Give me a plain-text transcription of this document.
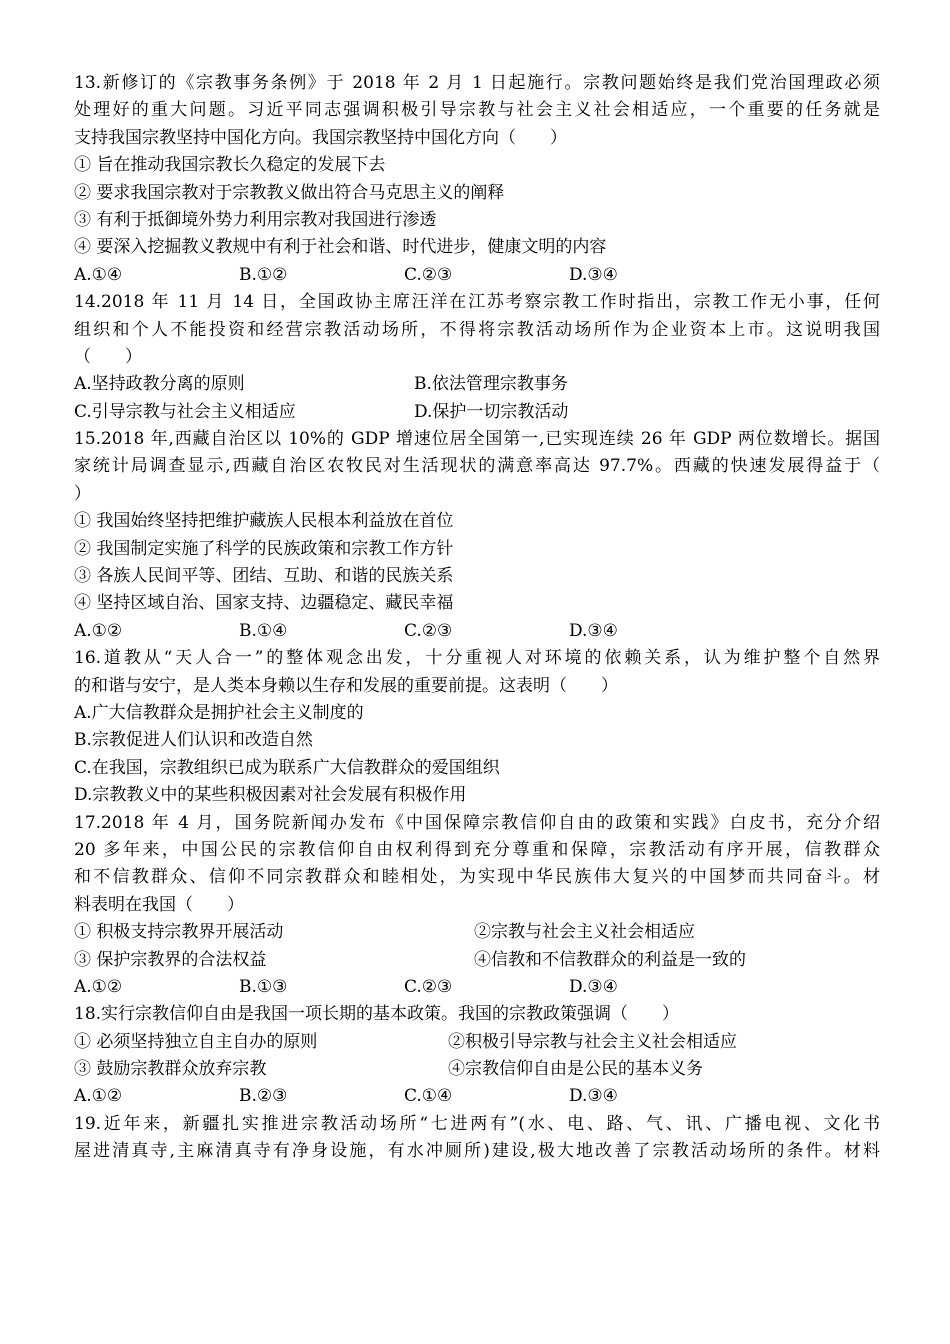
13.新修订的《宗教事务条例》于 2018 年 2 月 1 日起施行。宗教问题始终是我们党治国理政必须
处理好的重大问题。习近平同志强调积极引导宗教与社会主义社会相适应，一个重要的任务就是
支持我国宗教坚持中国化方向。我国宗教坚持中国化方向（　　）
① 旨在推动我国宗教长久稳定的发展下去
② 要求我国宗教对于宗教教义做出符合马克思主义的阐释
③ 有利于抵御境外势力利用宗教对我国进行渗透
④ 要深入挖掘教义教规中有利于社会和谐、时代进步，健康文明的内容
A.①④	B.①②	C.②③	D.③④
14.2018 年 11 月 14 日，全国政协主席汪洋在江苏考察宗教工作时指出，宗教工作无小事，任何
组织和个人不能投资和经营宗教活动场所，不得将宗教活动场所作为企业资本上市。这说明我国
（　　）
A.坚持政教分离的原则	B.依法管理宗教事务
C.引导宗教与社会主义相适应	D.保护一切宗教活动
15.2018 年,西藏自治区以 10%的 GDP 增速位居全国第一,已实现连续 26 年 GDP 两位数增长。据国
家统计局调查显示,西藏自治区农牧民对生活现状的满意率高达 97.7%。西藏的快速发展得益于（
）
① 我国始终坚持把维护藏族人民根本利益放在首位
② 我国制定实施了科学的民族政策和宗教工作方针
③ 各族人民间平等、团结、互助、和谐的民族关系
④ 坚持区域自治、国家支持、边疆稳定、藏民幸福
A.①②	B.①④	C.②③	D.③④
16.道教从“天人合一”的整体观念出发，十分重视人对环境的依赖关系，认为维护整个自然界
的和谐与安宁，是人类本身赖以生存和发展的重要前提。这表明（　　）
A.广大信教群众是拥护社会主义制度的
B.宗教促进人们认识和改造自然
C.在我国，宗教组织已成为联系广大信教群众的爱国组织
D.宗教教义中的某些积极因素对社会发展有积极作用
17.2018 年 4 月，国务院新闻办发布《中国保障宗教信仰自由的政策和实践》白皮书，充分介绍
20 多年来，中国公民的宗教信仰自由权利得到充分尊重和保障，宗教活动有序开展，信教群众
和不信教群众、信仰不同宗教群众和睦相处，为实现中华民族伟大复兴的中国梦而共同奋斗。材
料表明在我国（　　）
① 积极支持宗教界开展活动	②宗教与社会主义社会相适应
③ 保护宗教界的合法权益	④信教和不信教群众的利益是一致的
A.①②	B.①③	C.②③	D.③④
18.实行宗教信仰自由是我国一项长期的基本政策。我国的宗教政策强调（　　）
① 必须坚持独立自主自办的原则	②积极引导宗教与社会主义社会相适应
③ 鼓励宗教群众放弃宗教	④宗教信仰自由是公民的基本义务
A.①②	B.②③	C.①④	D.③④
19.近年来，新疆扎实推进宗教活动场所“七进两有”(水、电、路、气、讯、广播电视、文化书
屋进清真寺,主麻清真寺有净身设施，有水冲厕所)建设,极大地改善了宗教活动场所的条件。材料
